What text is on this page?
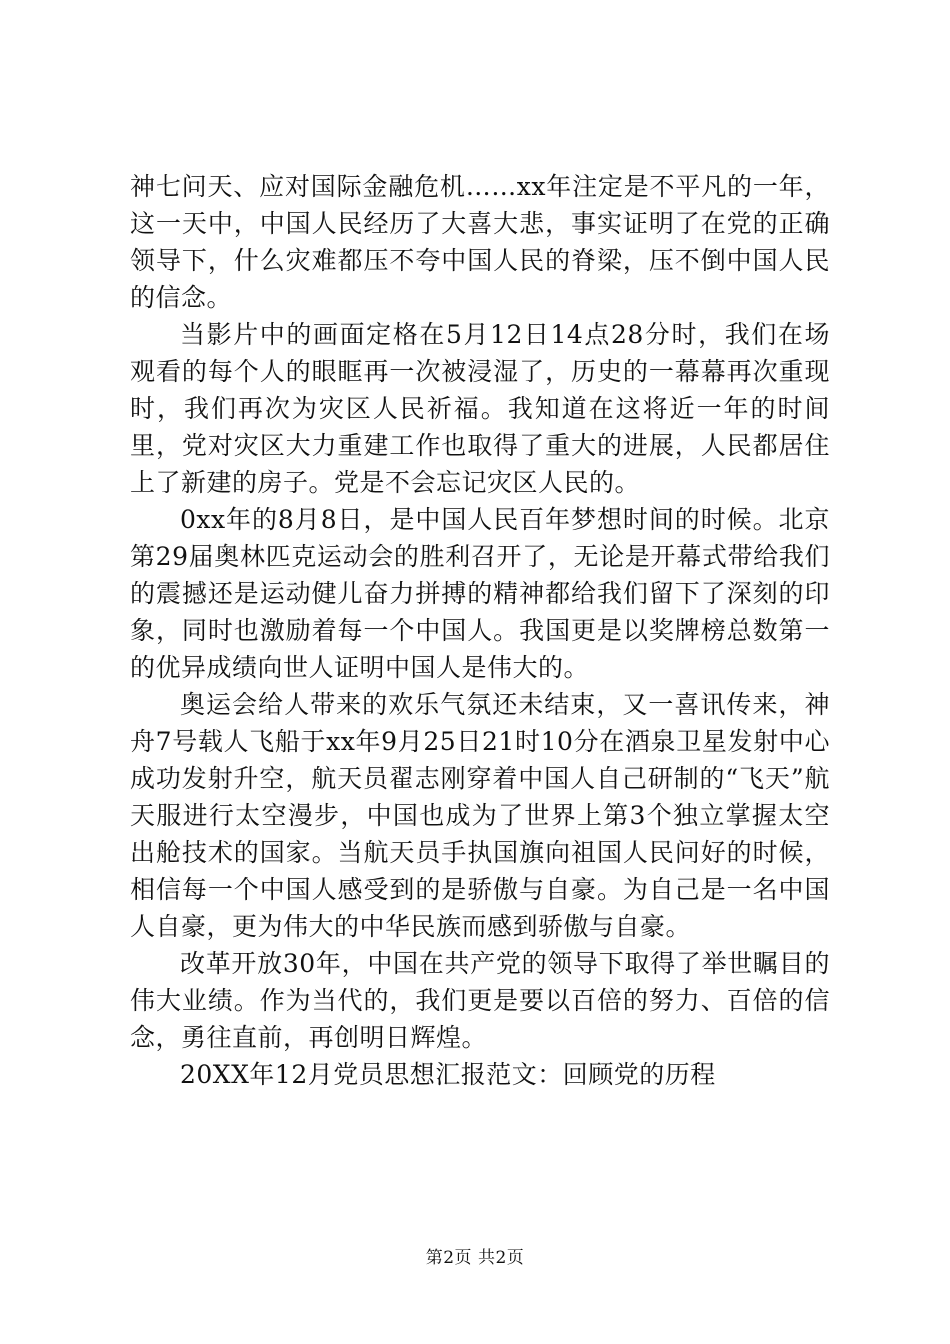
神七问天、应对国际金融危机……xx年注定是不平凡的一年，这一天中，中国人民经历了大喜大悲，事实证明了在党的正确领导下，什么灾难都压不夸中国人民的脊梁，压不倒中国人民的信念。

当影片中的画面定格在5月12日14点28分时，我们在场观看的每个人的眼眶再一次被浸湿了，历史的一幕幕再次重现时，我们再次为灾区人民祈福。我知道在这将近一年的时间里，党对灾区大力重建工作也取得了重大的进展，人民都居住上了新建的房子。党是不会忘记灾区人民的。

0xx年的8月8日，是中国人民百年梦想时间的时候。北京第29届奥林匹克运动会的胜利召开了，无论是开幕式带给我们的震撼还是运动健儿奋力拼搏的精神都给我们留下了深刻的印象，同时也激励着每一个中国人。我国更是以奖牌榜总数第一的优异成绩向世人证明中国人是伟大的。

奥运会给人带来的欢乐气氛还未结束，又一喜讯传来，神舟7号载人飞船于xx年9月25日21时10分在酒泉卫星发射中心成功发射升空，航天员翟志刚穿着中国人自己研制的“飞天”航天服进行太空漫步，中国也成为了世界上第3个独立掌握太空出舱技术的国家。当航天员手执国旗向祖国人民问好的时候，相信每一个中国人感受到的是骄傲与自豪。为自己是一名中国人自豪，更为伟大的中华民族而感到骄傲与自豪。

改革开放30年，中国在共产党的领导下取得了举世瞩目的伟大业绩。作为当代的，我们更是要以百倍的努力、百倍的信念，勇往直前，再创明日辉煌。

20XX年12月党员思想汇报范文：回顾党的历程

第2页 共2页
